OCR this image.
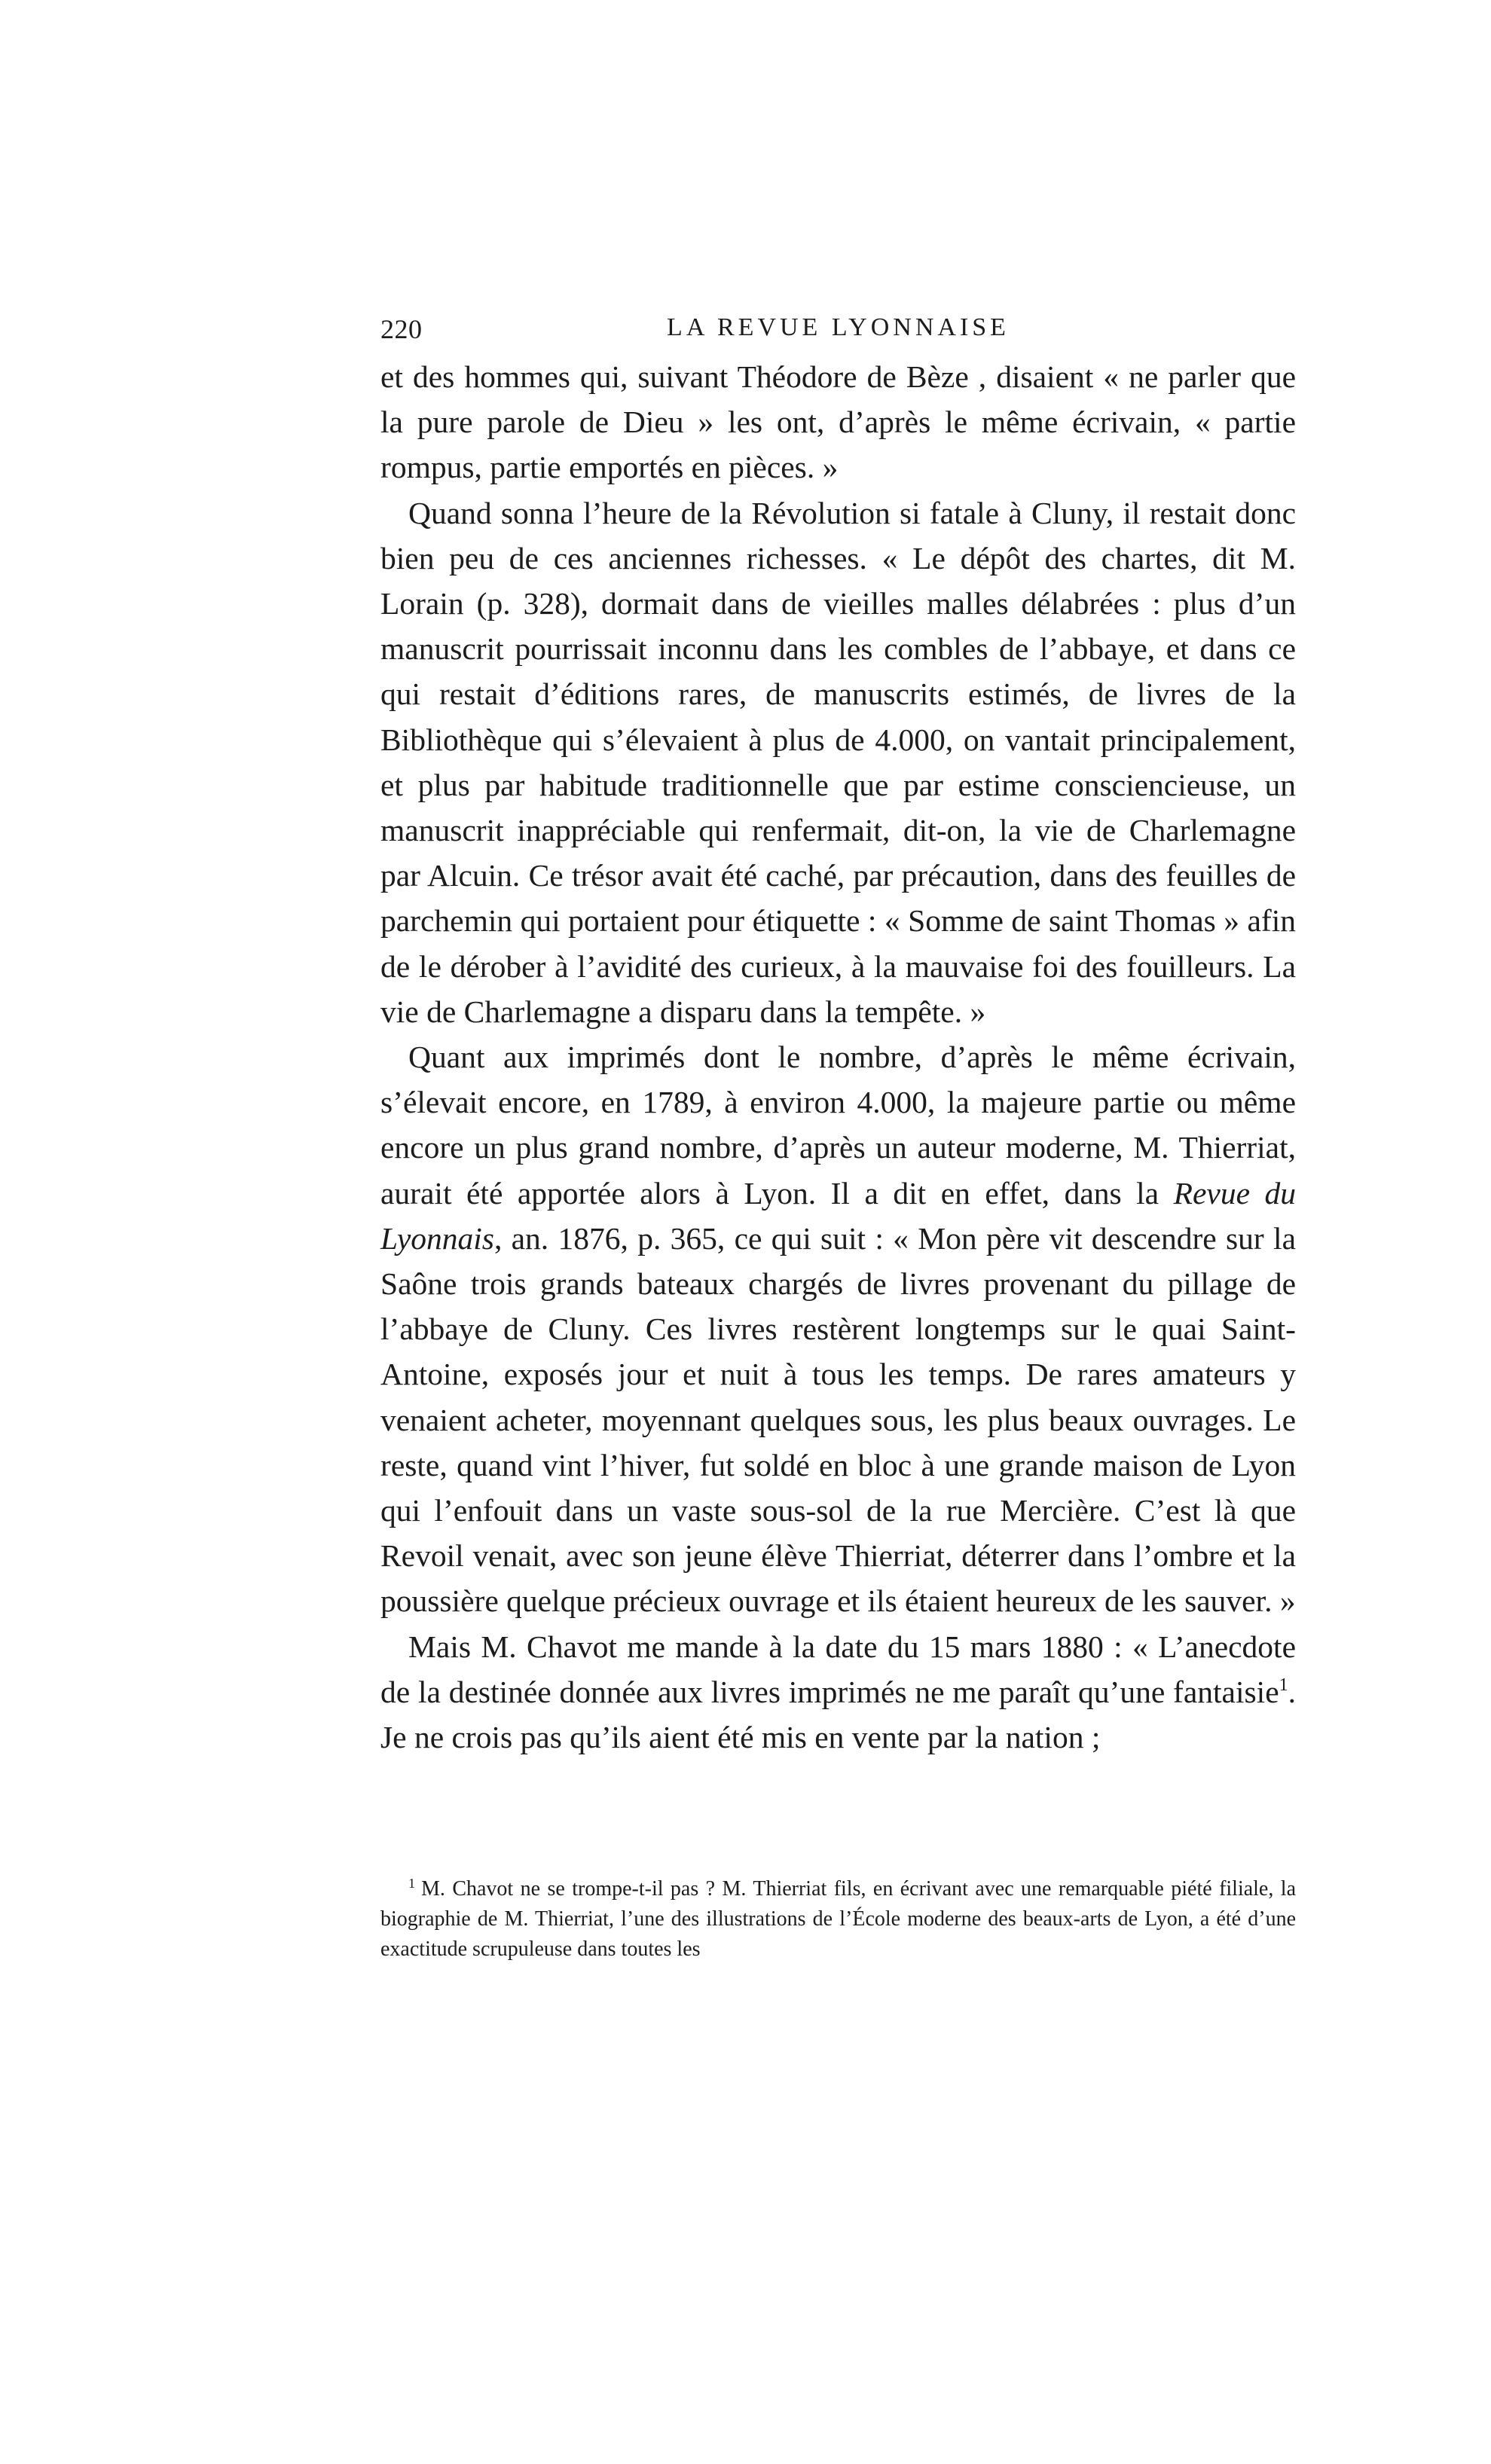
220	LA REVUE LYONNAISE

et des hommes qui, suivant Théodore de Bèze , disaient « ne parler que la pure parole de Dieu » les ont, d’après le même écrivain, « partie rompus, partie emportés en pièces. »

Quand sonna l’heure de la Révolution si fatale à Cluny, il restait donc bien peu de ces anciennes richesses. « Le dépôt des chartes, dit M. Lorain (p. 328), dormait dans de vieilles malles délabrées : plus d’un manuscrit pourrissait inconnu dans les combles de l’abbaye, et dans ce qui restait d’éditions rares, de manuscrits estimés, de livres de la Bibliothèque qui s’élevaient à plus de 4.000, on vantait principalement, et plus par habitude traditionnelle que par estime consciencieuse, un manuscrit inappréciable qui renfermait, dit-on, la vie de Charlemagne par Alcuin. Ce trésor avait été caché, par précaution, dans des feuilles de parchemin qui portaient pour étiquette : « Somme de saint Thomas » afin de le dérober à l’avidité des curieux, à la mauvaise foi des fouilleurs. La vie de Charlemagne a disparu dans la tempête. »

Quant aux imprimés dont le nombre, d’après le même écrivain, s’élevait encore, en 1789, à environ 4.000, la majeure partie ou même encore un plus grand nombre, d’après un auteur moderne, M. Thierriat, aurait été apportée alors à Lyon. Il a dit en effet, dans la Revue du Lyonnais, an. 1876, p. 365, ce qui suit : « Mon père vit descendre sur la Saône trois grands bateaux chargés de livres provenant du pillage de l’abbaye de Cluny. Ces livres restèrent longtemps sur le quai Saint-Antoine, exposés jour et nuit à tous les temps. De rares amateurs y venaient acheter, moyennant quelques sous, les plus beaux ouvrages. Le reste, quand vint l’hiver, fut soldé en bloc à une grande maison de Lyon qui l’enfouit dans un vaste sous-sol de la rue Mercière. C’est là que Revoil venait, avec son jeune élève Thierriat, déterrer dans l’ombre et la poussière quelque précieux ouvrage et ils étaient heureux de les sauver. »

Mais M. Chavot me mande à la date du 15 mars 1880 : « L’anecdote de la destinée donnée aux livres imprimés ne me paraît qu’une fantaisie$^1$. Je ne crois pas qu’ils aient été mis en vente par la nation ;

$^1$ M. Chavot ne se trompe-t-il pas ? M. Thierriat fils, en écrivant avec une remarquable piété filiale, la biographie de M. Thierriat, l’une des illustrations de l’École moderne des beaux-arts de Lyon, a été d’une exactitude scrupuleuse dans toutes les
